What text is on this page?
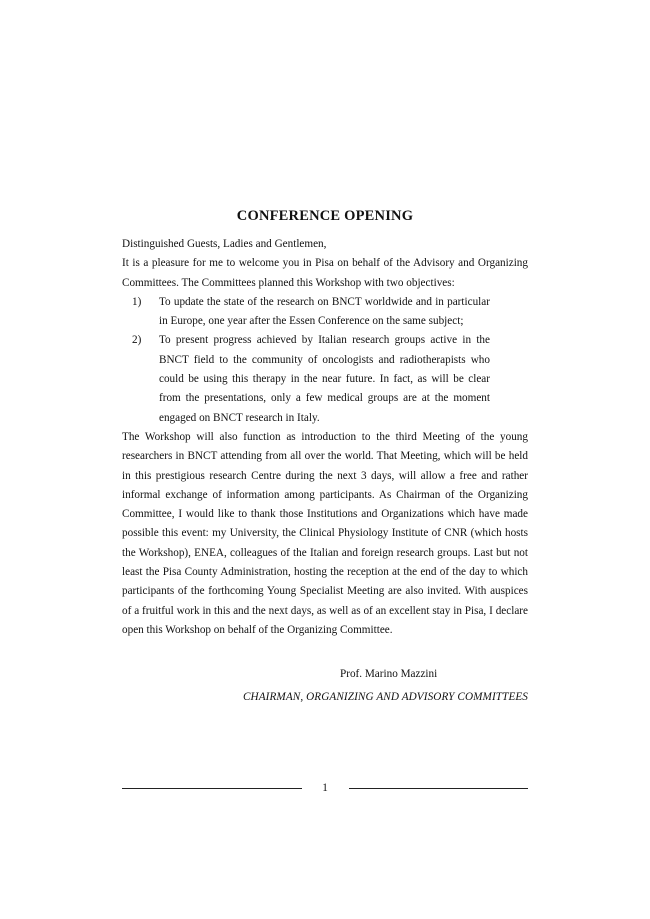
CONFERENCE OPENING

Distinguished Guests, Ladies and Gentlemen,

It is a pleasure for me to welcome you in Pisa on behalf of the Advisory and Organizing Committees. The Committees planned this Workshop with two objectives:

1) To update the state of the research on BNCT worldwide and in particular in Europe, one year after the Essen Conference on the same subject;
2) To present progress achieved by Italian research groups active in the BNCT field to the community of oncologists and radiotherapists who could be using this therapy in the near future. In fact, as will be clear from the presentations, only a few medical groups are at the moment engaged on BNCT research in Italy.

The Workshop will also function as introduction to the third Meeting of the young researchers in BNCT attending from all over the world. That Meeting, which will be held in this prestigious research Centre during the next 3 days, will allow a free and rather informal exchange of information among participants. As Chairman of the Organizing Committee, I would like to thank those Institutions and Organizations which have made possible this event: my University, the Clinical Physiology Institute of CNR (which hosts the Workshop), ENEA, colleagues of the Italian and foreign research groups. Last but not least the Pisa County Administration, hosting the reception at the end of the day to which participants of the forthcoming Young Specialist Meeting are also invited. With auspices of a fruitful work in this and the next days, as well as of an excellent stay in Pisa, I declare open this Workshop on behalf of the Organizing Committee.

Prof. Marino Mazzini
CHAIRMAN, ORGANIZING AND ADVISORY COMMITTEES
1
